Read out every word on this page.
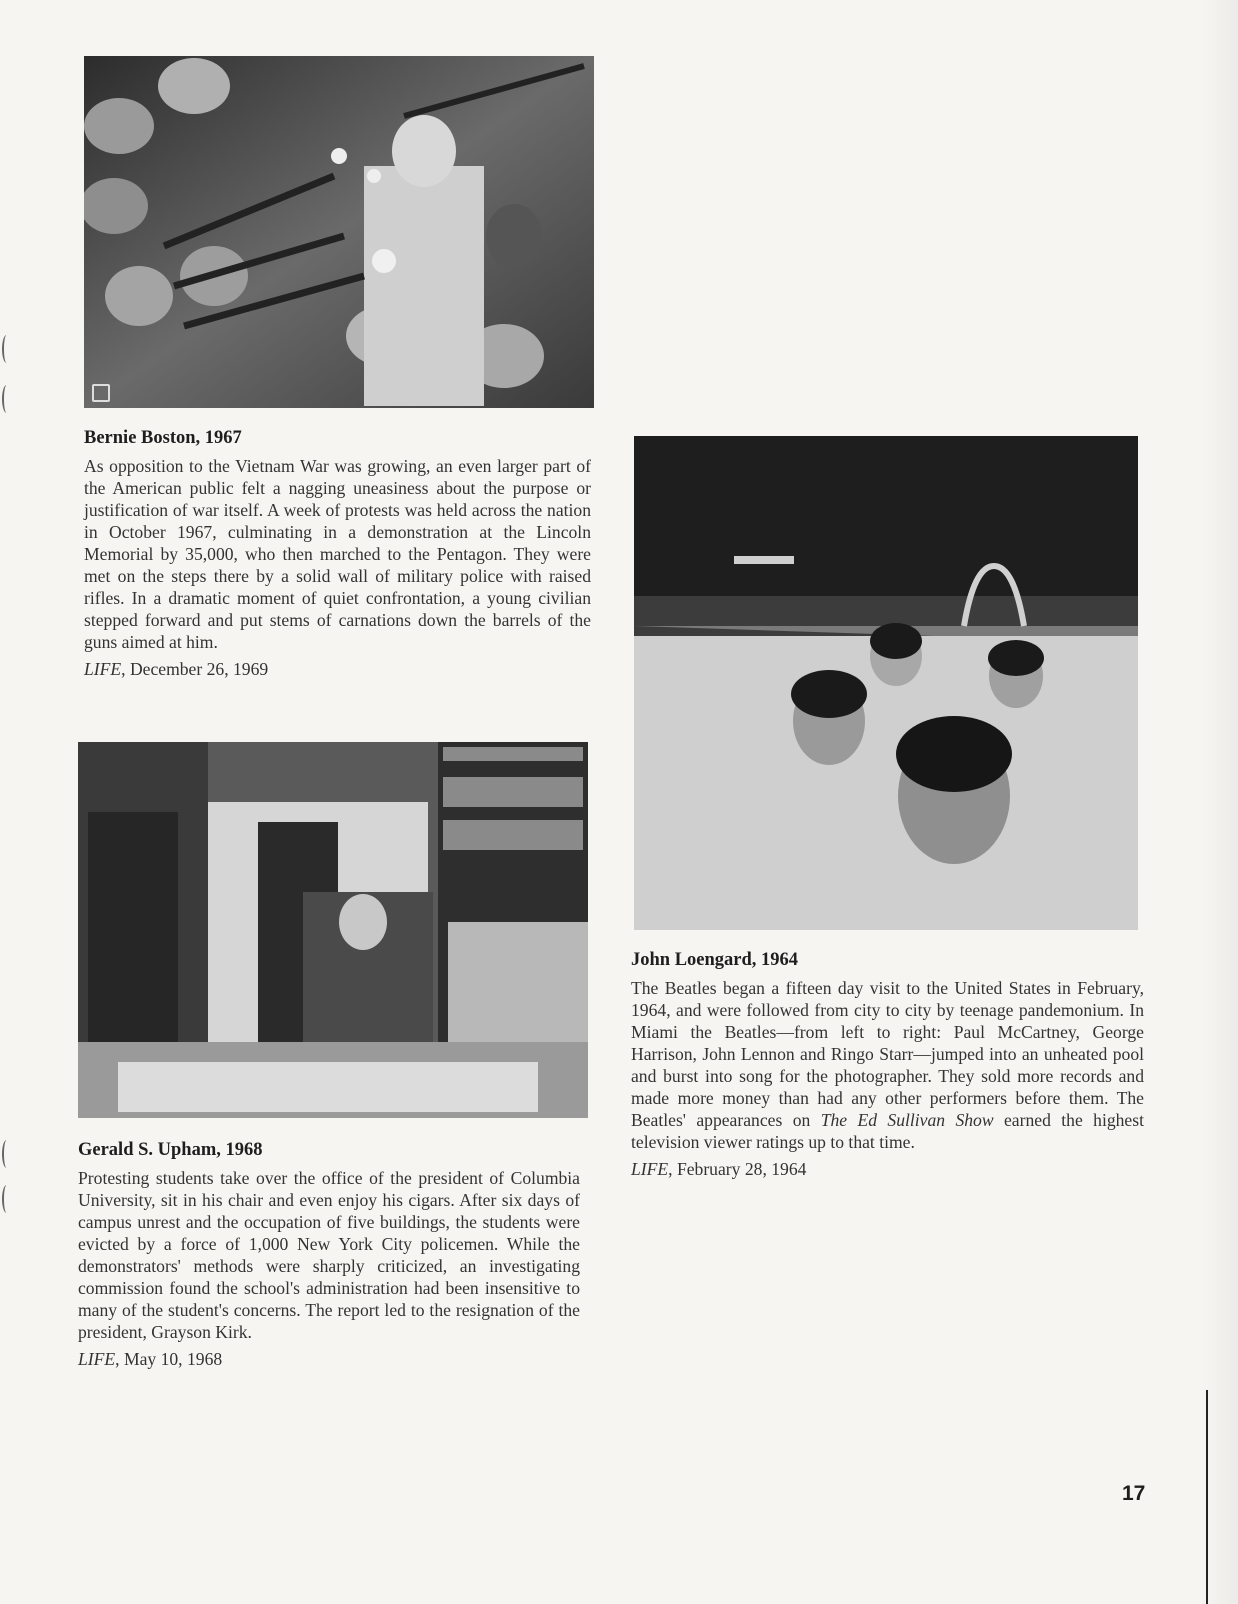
Bernie Boston, 1967

As opposition to the Vietnam War was growing, an even larger part of the American public felt a nagging uneasiness about the purpose or justification of war itself. A week of protests was held across the nation in October 1967, culminating in a demonstration at the Lincoln Memorial by 35,000, who then marched to the Pentagon. They were met on the steps there by a solid wall of military police with raised rifles. In a dramatic moment of quiet confrontation, a young civilian stepped forward and put stems of carnations down the barrels of the guns aimed at him.

LIFE, December 26, 1969

Gerald S. Upham, 1968

Protesting students take over the office of the president of Columbia University, sit in his chair and even enjoy his cigars. After six days of campus unrest and the occupation of five buildings, the students were evicted by a force of 1,000 New York City policemen. While the demonstrators' methods were sharply criticized, an investigating commission found the school's administration had been insensitive to many of the student's concerns. The report led to the resignation of the president, Grayson Kirk.

LIFE, May 10, 1968

John Loengard, 1964

The Beatles began a fifteen day visit to the United States in February, 1964, and were followed from city to city by teenage pandemonium. In Miami the Beatles—from left to right: Paul McCartney, George Harrison, John Lennon and Ringo Starr—jumped into an unheated pool and burst into song for the photographer. They sold more records and made more money than had any other performers before them. The Beatles' appearances on The Ed Sullivan Show earned the highest television viewer ratings up to that time.

LIFE, February 28, 1964

17
